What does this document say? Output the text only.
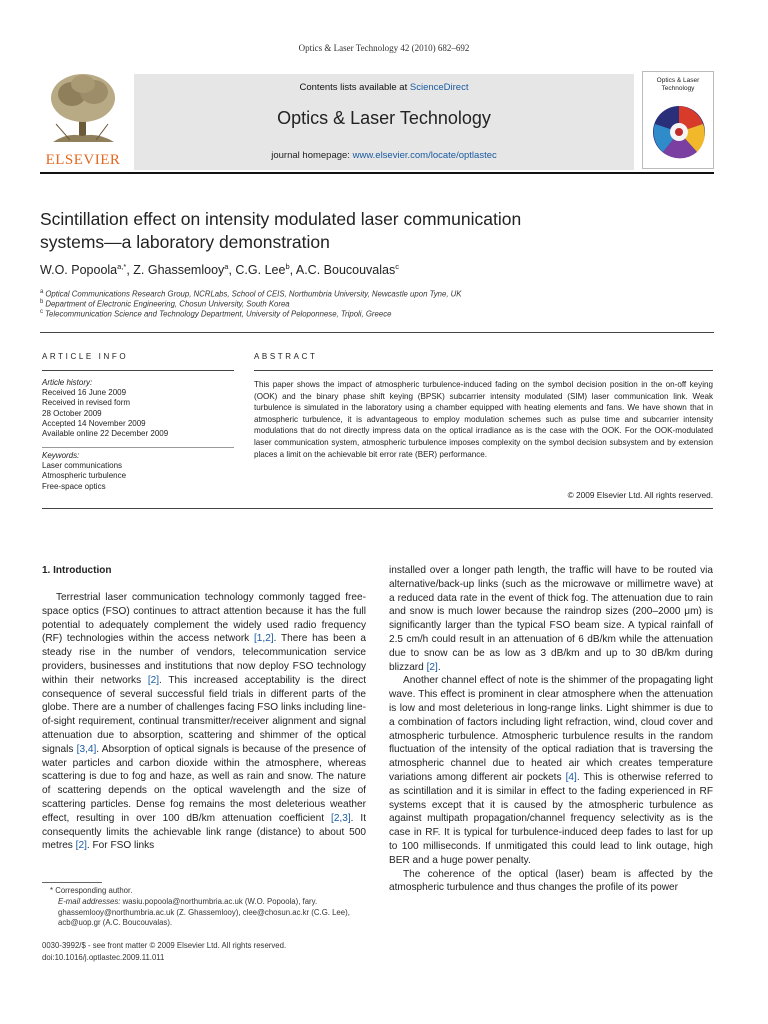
Optics & Laser Technology 42 (2010) 682–692
ELSEVIER
Contents lists available at ScienceDirect
Optics & Laser Technology
journal homepage: www.elsevier.com/locate/optlastec
Optics & Laser
Technology
Scintillation effect on intensity modulated laser communication
systems—a laboratory demonstration
W.O. Popoola$^{a,*}$, Z. Ghassemlooy$^a$, C.G. Lee$^b$, A.C. Boucouvalas$^c$
$^a$ Optical Communications Research Group, NCRLabs, School of CEIS, Northumbria University, Newcastle upon Tyne, UK
$^b$ Department of Electronic Engineering, Chosun University, South Korea
$^c$ Telecommunication Science and Technology Department, University of Peloponnese, Tripoli, Greece
ARTICLE INFO	ABSTRACT
Article history:
Received 16 June 2009
Received in revised form
28 October 2009
Accepted 14 November 2009
Available online 22 December 2009
Keywords:
Laser communications
Atmospheric turbulence
Free-space optics
This paper shows the impact of atmospheric turbulence-induced fading on the symbol decision position in the on-off keying (OOK) and the binary phase shift keying (BPSK) subcarrier intensity modulated (SIM) laser communication link. Weak turbulence is simulated in the laboratory using a chamber equipped with heating elements and fans. We have shown that in atmospheric turbulence, it is advantageous to employ modulation schemes such as pulse time and subcarrier intensity modulations that do not directly impress data on the optical irradiance as is the case with the OOK. For the OOK-modulated laser communication system, atmospheric turbulence imposes complexity on the symbol decision subsystem and by extension places a limit on the achievable bit error rate (BER) performance.
© 2009 Elsevier Ltd. All rights reserved.
1. Introduction

Terrestrial laser communication technology commonly tagged free-space optics (FSO) continues to attract attention because it has the full potential to adequately complement the widely used radio frequency (RF) technologies within the access network [1,2]. There has been a steady rise in the number of vendors, telecommunication service providers, businesses and institutions that now deploy FSO technology within their networks [2]. This increased acceptability is the direct consequence of several successful field trials in different parts of the globe. There are a number of challenges facing FSO links including line-of-sight requirement, continual transmitter/receiver alignment and signal attenuation due to absorption, scattering and shimmer of the optical signals [3,4]. Absorption of optical signals is because of the presence of water particles and carbon dioxide within the atmosphere, whereas scattering is due to fog and haze, as well as rain and snow. The nature of scattering depends on the optical wavelength and the size of scattering particles. Dense fog remains the most deleterious weather effect, resulting in over 100 dB/km attenuation coefficient [2,3]. It consequently limits the achievable link range (distance) to about 500 metres [2]. For FSO links

installed over a longer path length, the traffic will have to be routed via alternative/back-up links (such as the microwave or millimetre wave) at a reduced data rate in the event of thick fog. The attenuation due to rain and snow is much lower because the raindrop sizes (200–2000 μm) is significantly larger than the typical FSO beam size. A typical rainfall of 2.5 cm/h could result in an attenuation of 6 dB/km while the attenuation due to snow can be as low as 3 dB/km and up to 30 dB/km during blizzard [2].

Another channel effect of note is the shimmer of the propagating light wave. This effect is prominent in clear atmosphere when the attenuation is low and most deleterious in long-range links. Light shimmer is due to a combination of factors including light refraction, wind, cloud cover and atmospheric turbulence. Atmospheric turbulence results in the random fluctuation of the intensity of the optical radiation that is traversing the atmospheric channel due to heated air which creates temperature variations among different air pockets [4]. This is otherwise referred to as scintillation and it is similar in effect to the fading experienced in RF systems except that it is caused by the atmospheric turbulence as against multipath propagation/channel frequency selectivity as is the case in RF. It is typical for turbulence-induced deep fades to last for up to 100 milliseconds. If unmitigated this could lead to link outage, high BER and a huge power penalty.

The coherence of the optical (laser) beam is affected by the atmospheric turbulence and thus changes the profile of its power

* Corresponding author.
E-mail addresses: wasiu.popoola@northumbria.ac.uk (W.O. Popoola), fary. ghassemlooy@northumbria.ac.uk (Z. Ghassemlooy), clee@chosun.ac.kr (C.G. Lee), acb@uop.gr (A.C. Boucouvalas).
0030-3992/$ - see front matter © 2009 Elsevier Ltd. All rights reserved.
doi:10.1016/j.optlastec.2009.11.011
